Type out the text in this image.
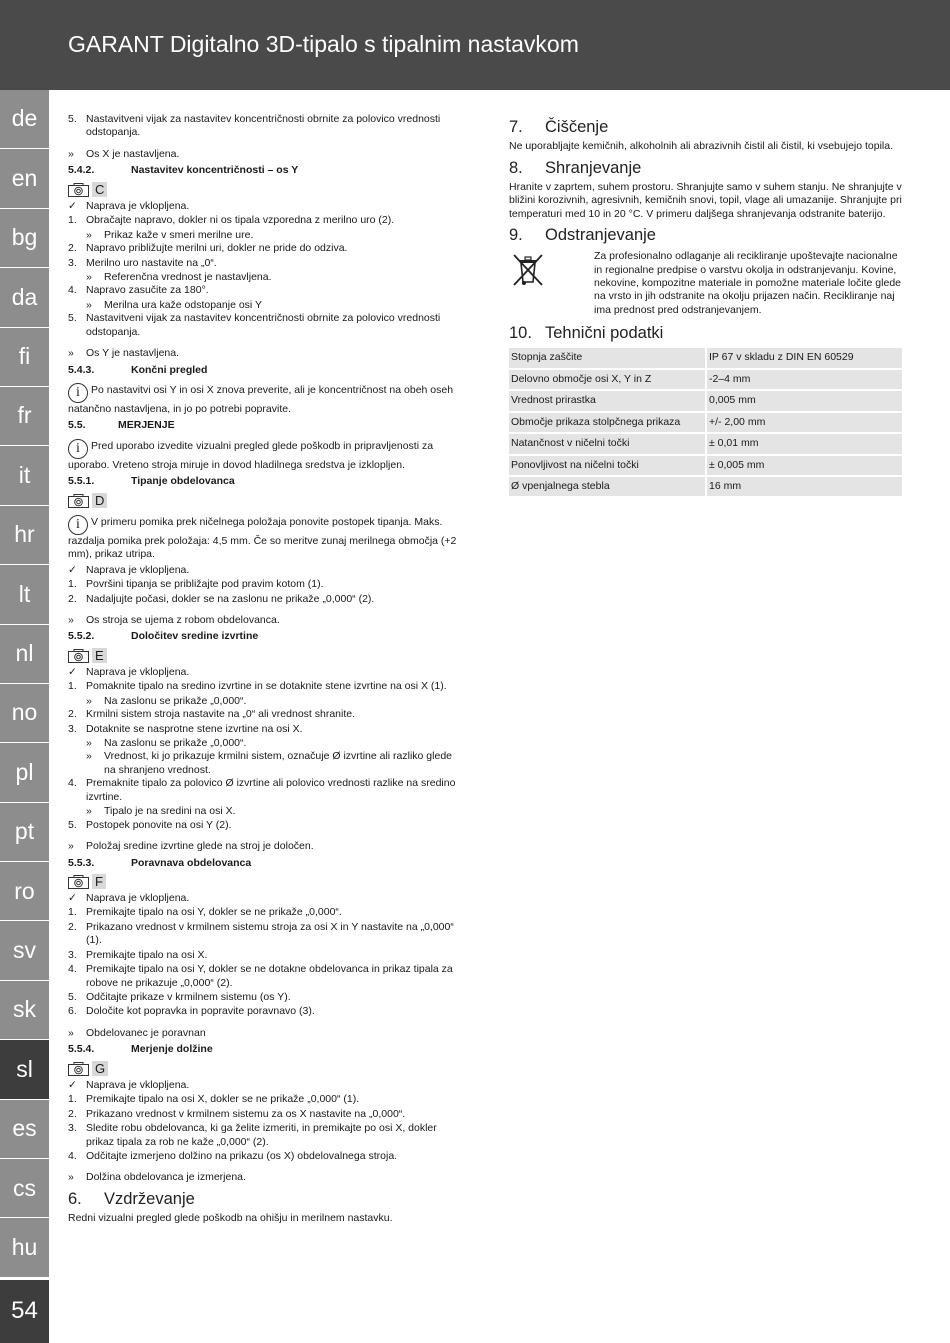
GARANT Digitalno 3D-tipalo s tipalnim nastavkom
de
en
bg
da
fi
fr
it
hr
lt
nl
no
pl
pt
ro
sv
sk
sl
es
cs
hu
54
5. Nastavitveni vijak za nastavitev koncentričnosti obrnite za polovico vrednosti odstopanja.
»	Os X je nastavljena.
5.4.2.	Nastavitev koncentričnosti – os Y
C
✓ Naprava je vklopljena.
1. Obračajte napravo, dokler ni os tipala vzporedna z merilno uro (2).
»	Prikaz kaže v smeri merilne ure.
2. Napravo približujte merilni uri, dokler ne pride do odziva.
3. Merilno uro nastavite na „0“.
»	Referenčna vrednost je nastavljena.
4. Napravo zasučite za 180°.
»	Merilna ura kaže odstopanje osi Y
5. Nastavitveni vijak za nastavitev koncentričnosti obrnite za polovico vrednosti odstopanja.
»	Os Y je nastavljena.
5.4.3.	Končni pregled
i Po nastavitvi osi Y in osi X znova preverite, ali je koncentričnost na obeh oseh natančno nastavljena, in jo po potrebi popravite.
5.5.	MERJENJE
i Pred uporabo izvedite vizualni pregled glede poškodb in pripravljenosti za uporabo. Vreteno stroja miruje in dovod hladilnega sredstva je izklopljen.
5.5.1.	Tipanje obdelovanca
D
i V primeru pomika prek ničelnega položaja ponovite postopek tipanja. Maks. razdalja pomika prek položaja: 4,5 mm. Če so meritve zunaj merilnega območja (+2 mm), prikaz utripa.
✓ Naprava je vklopljena.
1. Površini tipanja se približajte pod pravim kotom (1).
2. Nadaljujte počasi, dokler se na zaslonu ne prikaže „0,000“ (2).
»	Os stroja se ujema z robom obdelovanca.
5.5.2.	Določitev sredine izvrtine
E
✓ Naprava je vklopljena.
1. Pomaknite tipalo na sredino izvrtine in se dotaknite stene izvrtine na osi X (1).
»	Na zaslonu se prikaže „0,000“.
2. Krmilni sistem stroja nastavite na „0“ ali vrednost shranite.
3. Dotaknite se nasprotne stene izvrtine na osi X.
»	Na zaslonu se prikaže „0,000“.
»	Vrednost, ki jo prikazuje krmilni sistem, označuje Ø izvrtine ali razliko glede na shranjeno vrednost.
4. Premaknite tipalo za polovico Ø izvrtine ali polovico vrednosti razlike na sredino izvrtine.
»	Tipalo je na sredini na osi X.
5. Postopek ponovite na osi Y (2).
»	Položaj sredine izvrtine glede na stroj je določen.
5.5.3.	Poravnava obdelovanca
F
✓ Naprava je vklopljena.
1. Premikajte tipalo na osi Y, dokler se ne prikaže „0,000“.
2. Prikazano vrednost v krmilnem sistemu stroja za osi X in Y nastavite na „0,000“ (1).
3. Premikajte tipalo na osi X.
4. Premikajte tipalo na osi Y, dokler se ne dotakne obdelovanca in prikaz tipala za robove ne prikazuje „0,000“ (2).
5. Odčitajte prikaze v krmilnem sistemu (os Y).
6. Določite kot popravka in popravite poravnavo (3).
»	Obdelovanec je poravnan
5.5.4.	Merjenje dolžine
G
✓ Naprava je vklopljena.
1. Premikajte tipalo na osi X, dokler se ne prikaže „0,000“ (1).
2. Prikazano vrednost v krmilnem sistemu za os X nastavite na „0,000“.
3. Sledite robu obdelovanca, ki ga želite izmeriti, in premikajte po osi X, dokler prikaz tipala za rob ne kaže „0,000“ (2).
4. Odčitajte izmerjeno dolžino na prikazu (os X) obdelovalnega stroja.
»	Dolžina obdelovanca je izmerjena.
6.	Vzdrževanje
Redni vizualni pregled glede poškodb na ohišju in merilnem nastavku.
7.	Čiščenje
Ne uporabljajte kemičnih, alkoholnih ali abrazivnih čistil ali čistil, ki vsebujejo topila.
8.	Shranjevanje
Hranite v zaprtem, suhem prostoru. Shranjujte samo v suhem stanju. Ne shranjujte v bližini korozivnih, agresivnih, kemičnih snovi, topil, vlage ali umazanije. Shranjujte pri temperaturi med 10 in 20 °C. V primeru daljšega shranjevanja odstranite baterijo.
9.	Odstranjevanje
Za profesionalno odlaganje ali recikliranje upoštevajte nacionalne in regionalne predpise o varstvu okolja in odstranjevanju. Kovine, nekovine, kompozitne materiale in pomožne materiale ločite glede na vrsto in jih odstranite na okolju prijazen način. Recikliranje naj ima prednost pred odstranjevanjem.
10. Tehnični podatki
Stopnja zaščite	IP 67 v skladu z DIN EN 60529
Delovno območje osi X, Y in Z	-2–4 mm
Vrednost prirastka	0,005 mm
Območje prikaza stolpčnega prikaza	+/- 2,00 mm
Natančnost v ničelni točki	± 0,01 mm
Ponovljivost na ničelni točki	± 0,005 mm
Ø vpenjalnega stebla	16 mm
